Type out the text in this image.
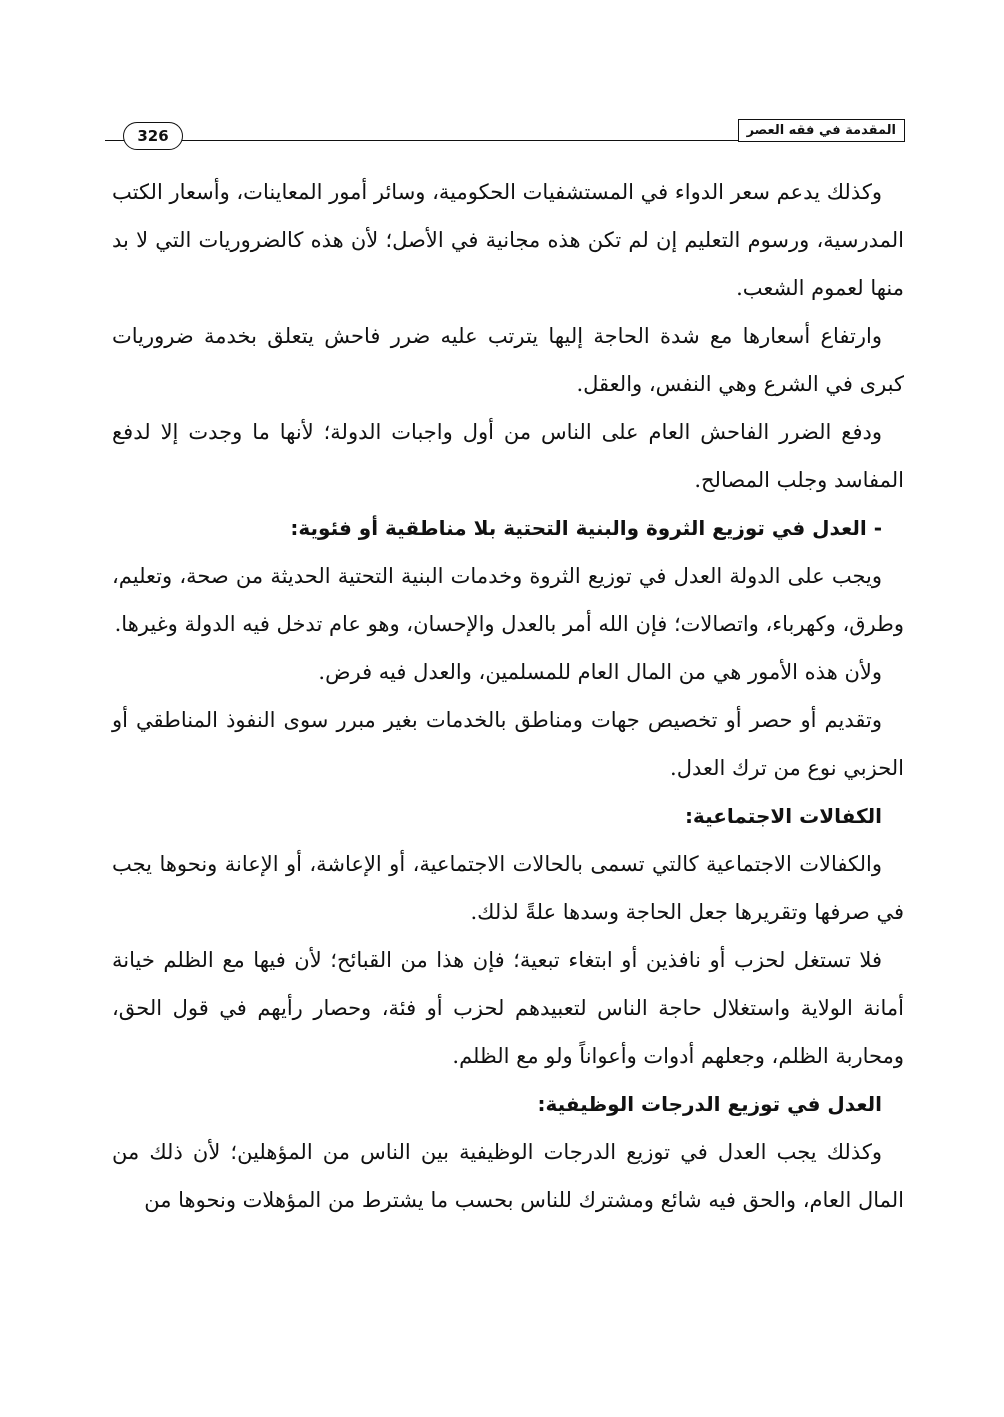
المقدمة في فقه العصر
326

وكذلك يدعم سعر الدواء في المستشفيات الحكومية، وسائر أمور المعاينات، وأسعار الكتب المدرسية، ورسوم التعليم إن لم تكن هذه مجانية في الأصل؛ لأن هذه كالضروريات التي لا بد منها لعموم الشعب.

وارتفاع أسعارها مع شدة الحاجة إليها يترتب عليه ضرر فاحش يتعلق بخدمة ضروريات كبرى في الشرع وهي النفس، والعقل.

ودفع الضرر الفاحش العام على الناس من أول واجبات الدولة؛ لأنها ما وجدت إلا لدفع المفاسد وجلب المصالح.

- العدل في توزيع الثروة والبنية التحتية بلا مناطقية أو فئوية:

ويجب على الدولة العدل في توزيع الثروة وخدمات البنية التحتية الحديثة من صحة، وتعليم، وطرق، وكهرباء، واتصالات؛ فإن الله أمر بالعدل والإحسان، وهو عام تدخل فيه الدولة وغيرها.

ولأن هذه الأمور هي من المال العام للمسلمين، والعدل فيه فرض.

وتقديم أو حصر أو تخصيص جهات ومناطق بالخدمات بغير مبرر سوى النفوذ المناطقي أو الحزبي نوع من ترك العدل.

الكفالات الاجتماعية:

والكفالات الاجتماعية كالتي تسمى بالحالات الاجتماعية، أو الإعاشة، أو الإعانة ونحوها يجب في صرفها وتقريرها جعل الحاجة وسدها علةً لذلك.

فلا تستغل لحزب أو نافذين أو ابتغاء تبعية؛ فإن هذا من القبائح؛ لأن فيها مع الظلم خيانة أمانة الولاية واستغلال حاجة الناس لتعبيدهم لحزب أو فئة، وحصار رأيهم في قول الحق، ومحاربة الظلم، وجعلهم أدوات وأعواناً ولو مع الظلم.

العدل في توزيع الدرجات الوظيفية:

وكذلك يجب العدل في توزيع الدرجات الوظيفية بين الناس من المؤهلين؛ لأن ذلك من المال العام، والحق فيه شائع ومشترك للناس بحسب ما يشترط من المؤهلات ونحوها من
